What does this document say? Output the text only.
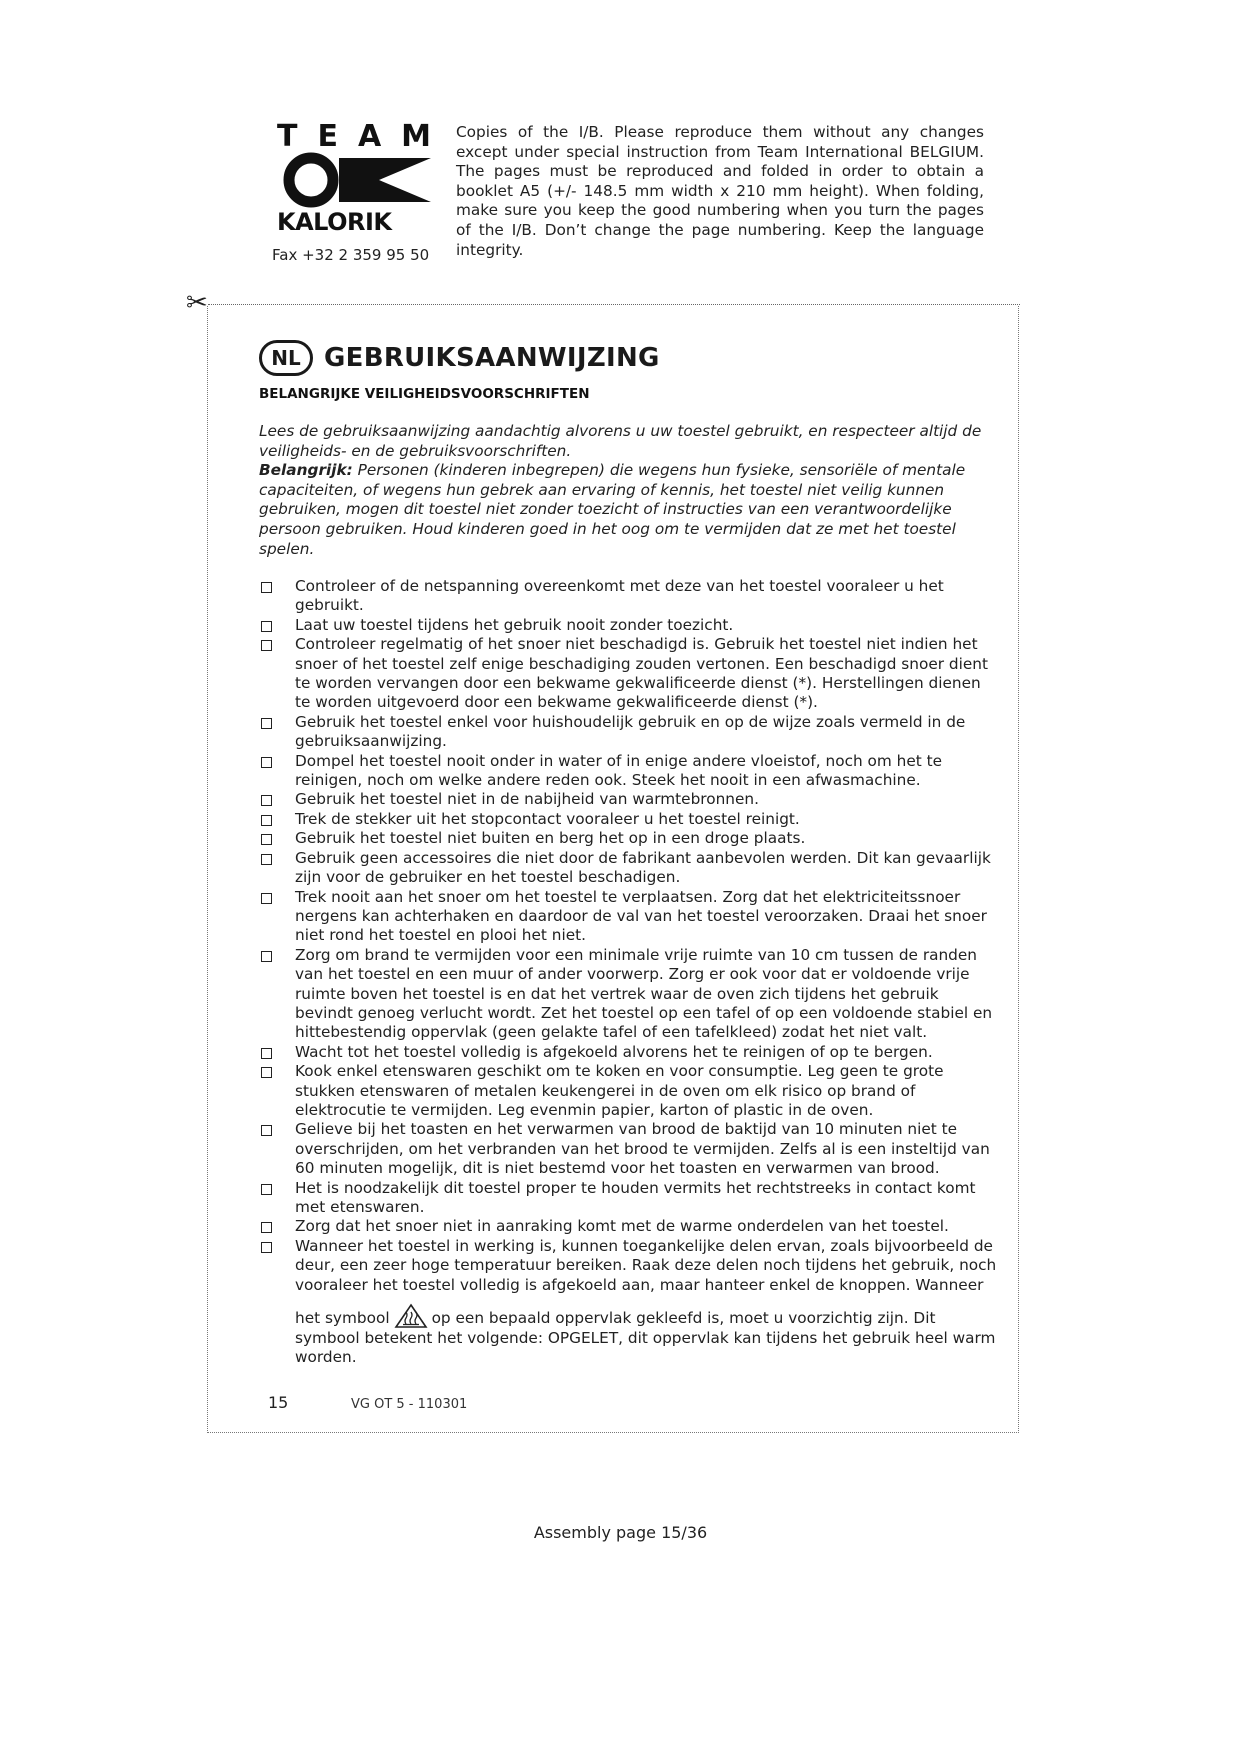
TEAM
KALORIK
Fax +32 2 359 95 50
Copies of the I/B. Please reproduce them without any changes except under special instruction from Team International BELGIUM. The pages must be reproduced and folded in order to obtain a booklet A5 (+/- 148.5 mm width x 210 mm height). When folding, make sure you keep the good numbering when you turn the pages of the I/B. Don’t change the page numbering. Keep the language integrity.
✂
NL GEBRUIKSAANWIJZING
BELANGRIJKE VEILIGHEIDSVOORSCHRIFTEN

Lees de gebruiksaanwijzing aandachtig alvorens u uw toestel gebruikt, en respecteer altijd de veiligheids- en de gebruiksvoorschriften.

Belangrijk: Personen (kinderen inbegrepen) die wegens hun fysieke, sensoriële of mentale capaciteiten, of wegens hun gebrek aan ervaring of kennis, het toestel niet veilig kunnen gebruiken, mogen dit toestel niet zonder toezicht of instructies van een verantwoordelijke persoon gebruiken. Houd kinderen goed in het oog om te vermijden dat ze met het toestel spelen.

Controleer of de netspanning overeenkomt met deze van het toestel vooraleer u het gebruikt.
Laat uw toestel tijdens het gebruik nooit zonder toezicht.
Controleer regelmatig of het snoer niet beschadigd is. Gebruik het toestel niet indien het snoer of het toestel zelf enige beschadiging zouden vertonen. Een beschadigd snoer dient te worden vervangen door een bekwame gekwalificeerde dienst (*). Herstellingen dienen te worden uitgevoerd door een bekwame gekwalificeerde dienst (*).
Gebruik het toestel enkel voor huishoudelijk gebruik en op de wijze zoals vermeld in de gebruiksaanwijzing.
Dompel het toestel nooit onder in water of in enige andere vloeistof, noch om het te reinigen, noch om welke andere reden ook. Steek het nooit in een afwasmachine.
Gebruik het toestel niet in de nabijheid van warmtebronnen.
Trek de stekker uit het stopcontact vooraleer u het toestel reinigt.
Gebruik het toestel niet buiten en berg het op in een droge plaats.
Gebruik geen accessoires die niet door de fabrikant aanbevolen werden. Dit kan gevaarlijk zijn voor de gebruiker en het toestel beschadigen.
Trek nooit aan het snoer om het toestel te verplaatsen. Zorg dat het elektriciteitssnoer nergens kan achterhaken en daardoor de val van het toestel veroorzaken. Draai het snoer niet rond het toestel en plooi het niet.
Zorg om brand te vermijden voor een minimale vrije ruimte van 10 cm tussen de randen van het toestel en een muur of ander voorwerp. Zorg er ook voor dat er voldoende vrije ruimte boven het toestel is en dat het vertrek waar de oven zich tijdens het gebruik bevindt genoeg verlucht wordt. Zet het toestel op een tafel of op een voldoende stabiel en hittebestendig oppervlak (geen gelakte tafel of een tafelkleed) zodat het niet valt.
Wacht tot het toestel volledig is afgekoeld alvorens het te reinigen of op te bergen.
Kook enkel etenswaren geschikt om te koken en voor consumptie. Leg geen te grote stukken etenswaren of metalen keukengerei in de oven om elk risico op brand of elektrocutie te vermijden. Leg evenmin papier, karton of plastic in de oven.
Gelieve bij het toasten en het verwarmen van brood de baktijd van 10 minuten niet te overschrijden, om het verbranden van het brood te vermijden. Zelfs al is een insteltijd van 60 minuten mogelijk, dit is niet bestemd voor het toasten en verwarmen van brood.
Het is noodzakelijk dit toestel proper te houden vermits het rechtstreeks in contact komt met etenswaren.
Zorg dat het snoer niet in aanraking komt met de warme onderdelen van het toestel.
Wanneer het toestel in werking is, kunnen toegankelijke delen ervan, zoals bijvoorbeeld de deur, een zeer hoge temperatuur bereiken. Raak deze delen noch tijdens het gebruik, noch vooraleer het toestel volledig is afgekoeld aan, maar hanteer enkel de knoppen. Wanneer
het symbool	op een bepaald oppervlak gekleefd is, moet u voorzichtig zijn. Dit symbool betekent het volgende: OPGELET, dit oppervlak kan tijdens het gebruik heel warm worden.
15	VG OT 5 - 110301
Assembly page 15/36
